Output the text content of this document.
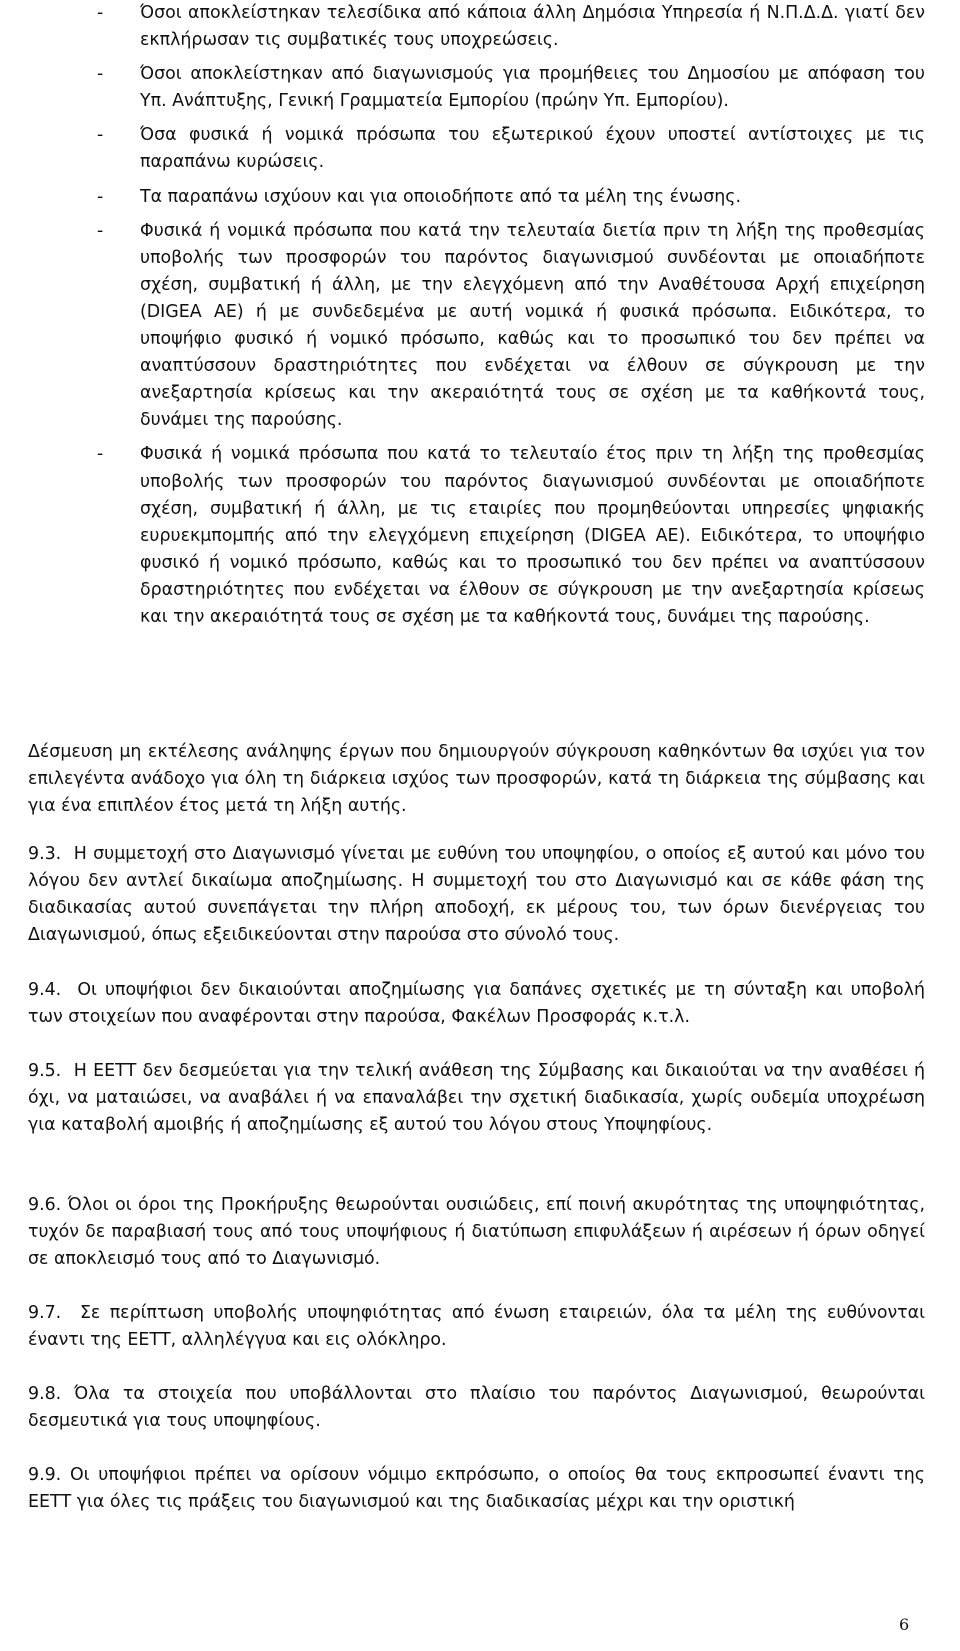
- Όσοι αποκλείστηκαν τελεσίδικα από κάποια άλλη Δημόσια Υπηρεσία ή Ν.Π.Δ.Δ. γιατί δεν εκπλήρωσαν τις συμβατικές τους υποχρεώσεις.

- Όσοι αποκλείστηκαν από διαγωνισμούς για προμήθειες του Δημοσίου με απόφαση του Υπ. Ανάπτυξης, Γενική Γραμματεία Εμπορίου (πρώην Υπ. Εμπορίου).

- Όσα φυσικά ή νομικά πρόσωπα του εξωτερικού έχουν υποστεί αντίστοιχες με τις παραπάνω κυρώσεις.

- Τα παραπάνω ισχύουν και για οποιοδήποτε από τα μέλη της ένωσης.

- Φυσικά ή νομικά πρόσωπα που κατά την τελευταία διετία πριν τη λήξη της προθεσμίας υποβολής των προσφορών του παρόντος διαγωνισμού συνδέονται με οποιαδήποτε σχέση, συμβατική ή άλλη, με την ελεγχόμενη από την Αναθέτουσα Αρχή επιχείρηση (DIGEA AE) ή με συνδεδεμένα με αυτή νομικά ή φυσικά πρόσωπα. Ειδικότερα, το υποψήφιο φυσικό ή νομικό πρόσωπο, καθώς και το προσωπικό του δεν πρέπει να αναπτύσσουν δραστηριότητες που ενδέχεται να έλθουν σε σύγκρουση με την ανεξαρτησία κρίσεως και την ακεραιότητά τους σε σχέση με τα καθήκοντά τους, δυνάμει της παρούσης.

- Φυσικά ή νομικά πρόσωπα που κατά το τελευταίο έτος πριν τη λήξη της προθεσμίας υποβολής των προσφορών του παρόντος διαγωνισμού συνδέονται με οποιαδήποτε σχέση, συμβατική ή άλλη, με τις εταιρίες που προμηθεύονται υπηρεσίες ψηφιακής ευρυεκμπομπής από την ελεγχόμενη επιχείρηση (DIGEA ΑΕ). Ειδικότερα, το υποψήφιο φυσικό ή νομικό πρόσωπο, καθώς και το προσωπικό του δεν πρέπει να αναπτύσσουν δραστηριότητες που ενδέχεται να έλθουν σε σύγκρουση με την ανεξαρτησία κρίσεως και την ακεραιότητά τους σε σχέση με τα καθήκοντά τους, δυνάμει της παρούσης.

Δέσμευση μη εκτέλεσης ανάληψης έργων που δημιουργούν σύγκρουση καθηκόντων θα ισχύει για τον επιλεγέντα ανάδοχο για όλη τη διάρκεια ισχύος των προσφορών, κατά τη διάρκεια της σύμβασης και για ένα επιπλέον έτος μετά τη λήξη αυτής.

9.3. Η συμμετοχή στο Διαγωνισμό γίνεται με ευθύνη του υποψηφίου, ο οποίος εξ αυτού και μόνο του λόγου δεν αντλεί δικαίωμα αποζημίωσης. Η συμμετοχή του στο Διαγωνισμό και σε κάθε φάση της διαδικασίας αυτού συνεπάγεται την πλήρη αποδοχή, εκ μέρους του, των όρων διενέργειας του Διαγωνισμού, όπως εξειδικεύονται στην παρούσα στο σύνολό τους.

9.4. Οι υποψήφιοι δεν δικαιούνται αποζημίωσης για δαπάνες σχετικές με τη σύνταξη και υποβολή των στοιχείων που αναφέρονται στην παρούσα, Φακέλων Προσφοράς κ.τ.λ.

9.5. Η ΕΕΤΤ δεν δεσμεύεται για την τελική ανάθεση της Σύμβασης και δικαιούται να την αναθέσει ή όχι, να ματαιώσει, να αναβάλει ή να επαναλάβει την σχετική διαδικασία, χωρίς ουδεμία υποχρέωση για καταβολή αμοιβής ή αποζημίωσης εξ αυτού του λόγου στους Υποψηφίους.

9.6. Όλοι οι όροι της Προκήρυξης θεωρούνται ουσιώδεις, επί ποινή ακυρότητας της υποψηφιότητας, τυχόν δε παραβιασή τους από τους υποψήφιους ή διατύπωση επιφυλάξεων ή αιρέσεων ή όρων οδηγεί σε αποκλεισμό τους από το Διαγωνισμό.

9.7. Σε περίπτωση υποβολής υποψηφιότητας από ένωση εταιρειών, όλα τα μέλη της ευθύνονται έναντι της ΕΕΤΤ, αλληλέγγυα και εις ολόκληρο.

9.8. Όλα τα στοιχεία που υποβάλλονται στο πλαίσιο του παρόντος Διαγωνισμού, θεωρούνται δεσμευτικά για τους υποψηφίους.

9.9. Οι υποψήφιοι πρέπει να ορίσουν νόμιμο εκπρόσωπο, ο οποίος θα τους εκπροσωπεί έναντι της ΕΕΤΤ για όλες τις πράξεις του διαγωνισμού και της διαδικασίας μέχρι και την οριστική

6
